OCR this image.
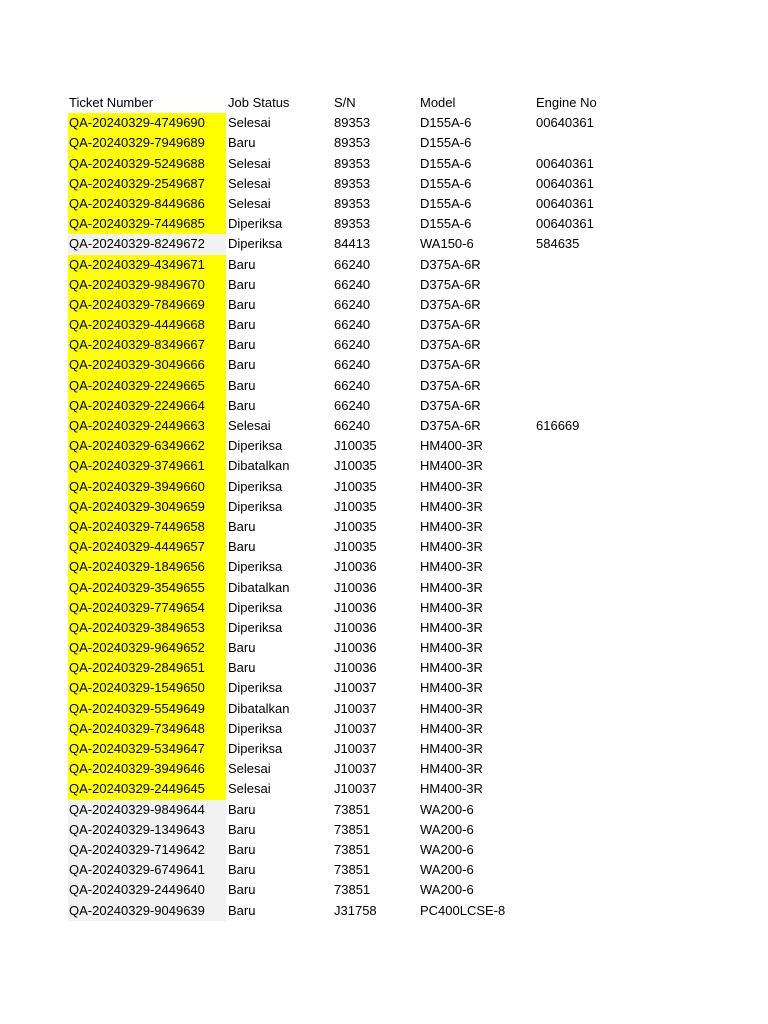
Ticket Number	Job Status	S/N	Model	Engine No
QA-20240329-4749690	Selesai	89353	D155A-6	00640361
QA-20240329-7949689	Baru	89353	D155A-6
QA-20240329-5249688	Selesai	89353	D155A-6	00640361
QA-20240329-2549687	Selesai	89353	D155A-6	00640361
QA-20240329-8449686	Selesai	89353	D155A-6	00640361
QA-20240329-7449685	Diperiksa	89353	D155A-6	00640361
QA-20240329-8249672	Diperiksa	84413	WA150-6	584635
QA-20240329-4349671	Baru	66240	D375A-6R
QA-20240329-9849670	Baru	66240	D375A-6R
QA-20240329-7849669	Baru	66240	D375A-6R
QA-20240329-4449668	Baru	66240	D375A-6R
QA-20240329-8349667	Baru	66240	D375A-6R
QA-20240329-3049666	Baru	66240	D375A-6R
QA-20240329-2249665	Baru	66240	D375A-6R
QA-20240329-2249664	Baru	66240	D375A-6R
QA-20240329-2449663	Selesai	66240	D375A-6R	616669
QA-20240329-6349662	Diperiksa	J10035	HM400-3R
QA-20240329-3749661	Dibatalkan	J10035	HM400-3R
QA-20240329-3949660	Diperiksa	J10035	HM400-3R
QA-20240329-3049659	Diperiksa	J10035	HM400-3R
QA-20240329-7449658	Baru	J10035	HM400-3R
QA-20240329-4449657	Baru	J10035	HM400-3R
QA-20240329-1849656	Diperiksa	J10036	HM400-3R
QA-20240329-3549655	Dibatalkan	J10036	HM400-3R
QA-20240329-7749654	Diperiksa	J10036	HM400-3R
QA-20240329-3849653	Diperiksa	J10036	HM400-3R
QA-20240329-9649652	Baru	J10036	HM400-3R
QA-20240329-2849651	Baru	J10036	HM400-3R
QA-20240329-1549650	Diperiksa	J10037	HM400-3R
QA-20240329-5549649	Dibatalkan	J10037	HM400-3R
QA-20240329-7349648	Diperiksa	J10037	HM400-3R
QA-20240329-5349647	Diperiksa	J10037	HM400-3R
QA-20240329-3949646	Selesai	J10037	HM400-3R
QA-20240329-2449645	Selesai	J10037	HM400-3R
QA-20240329-9849644	Baru	73851	WA200-6
QA-20240329-1349643	Baru	73851	WA200-6
QA-20240329-7149642	Baru	73851	WA200-6
QA-20240329-6749641	Baru	73851	WA200-6
QA-20240329-2449640	Baru	73851	WA200-6
QA-20240329-9049639	Baru	J31758	PC400LCSE-8
